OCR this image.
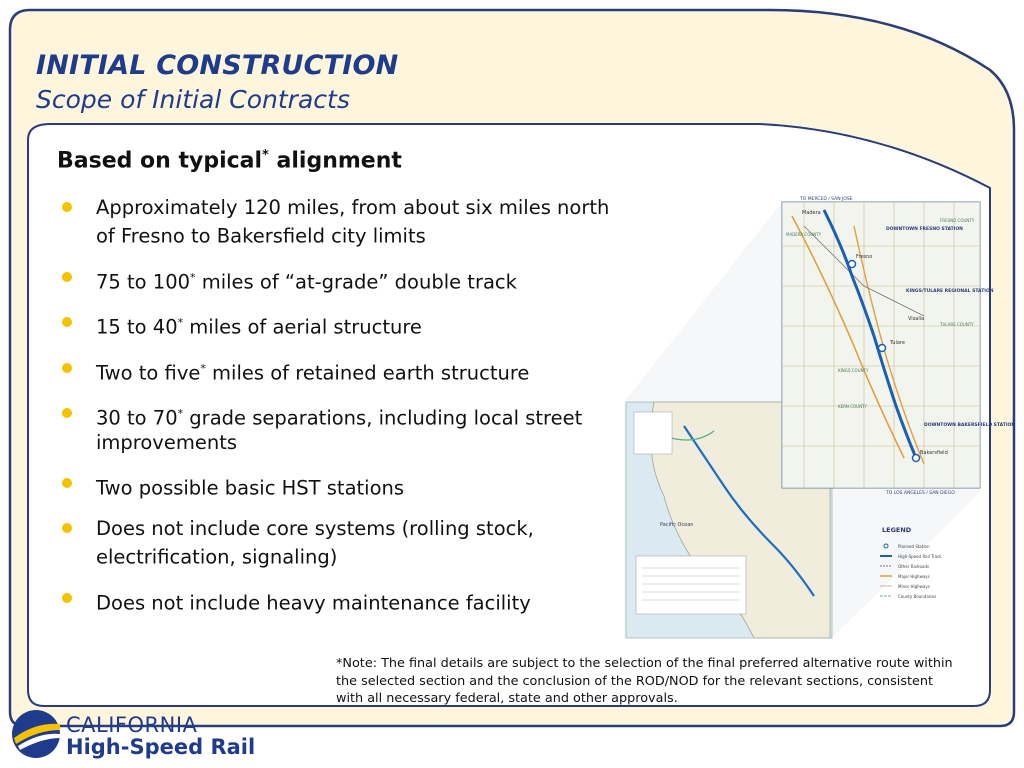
INITIAL CONSTRUCTION
Scope of Initial Contracts
Based on typical* alignment
Approximately 120 miles, from about six miles north of Fresno to Bakersfield city limits
75 to 100* miles of “at-grade” double track
15 to 40* miles of aerial structure
Two to five* miles of retained earth structure
30 to 70* grade separations, including local street improvements
Two possible basic HST stations
Does not include core systems (rolling stock, electrification, signaling)
Does not include heavy maintenance facility
Pacific Ocean
TO MERCED / SAN JOSE
TO LOS ANGELES / SAN DIEGO
DOWNTOWN FRESNO STATION
KINGS/TULARE REGIONAL STATION
DOWNTOWN BAKERSFIELD STATION
Madera
Fresno
Visalia
Tulare
Bakersfield
MADERA COUNTY
FRESNO COUNTY
KINGS COUNTY
TULARE COUNTY
KERN COUNTY
LEGEND
Planned Station
High-Speed Rail Track
Other Railroads
Major Highways
Minor Highways
County Boundaries
*Note: The final details are subject to the selection of the final preferred alternative route within the selected section and the conclusion of the ROD/NOD for the relevant sections, consistent with all necessary federal, state and other approvals.
CALIFORNIA
High-Speed Rail
